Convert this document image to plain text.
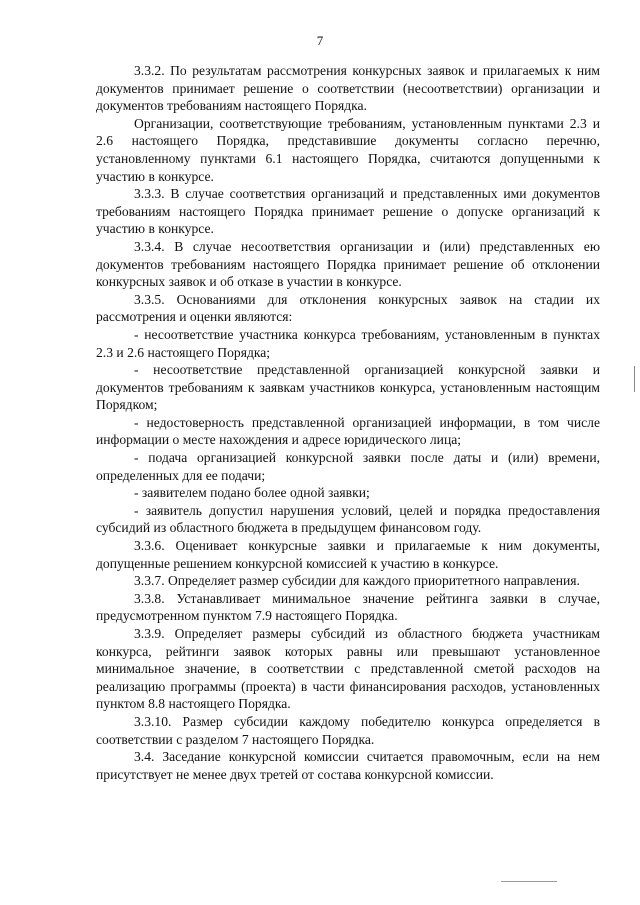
7

3.3.2. По результатам рассмотрения конкурсных заявок и прилагаемых к ним документов принимает решение о соответствии (несоответствии) организации и документов требованиям настоящего Порядка.

Организации, соответствующие требованиям, установленным пунктами 2.3 и 2.6 настоящего Порядка, представившие документы согласно перечню, установленному пунктами 6.1 настоящего Порядка, считаются допущенными к участию в конкурсе.

3.3.3. В случае соответствия организаций и представленных ими документов требованиям настоящего Порядка принимает решение о допуске организаций к участию в конкурсе.

3.3.4. В случае несоответствия организации и (или) представленных ею документов требованиям настоящего Порядка принимает решение об отклонении конкурсных заявок и об отказе в участии в конкурсе.

3.3.5. Основаниями для отклонения конкурсных заявок на стадии их рассмотрения и оценки являются:

- несоответствие участника конкурса требованиям, установленным в пунктах 2.3 и 2.6 настоящего Порядка;

- несоответствие представленной организацией конкурсной заявки и документов требованиям к заявкам участников конкурса, установленным настоящим Порядком;

- недостоверность представленной организацией информации, в том числе информации о месте нахождения и адресе юридического лица;

- подача организацией конкурсной заявки после даты и (или) времени, определенных для ее подачи;

- заявителем подано более одной заявки;

- заявитель допустил нарушения условий, целей и порядка предоставления субсидий из областного бюджета в предыдущем финансовом году.

3.3.6. Оценивает конкурсные заявки и прилагаемые к ним документы, допущенные решением конкурсной комиссией к участию в конкурсе.

3.3.7. Определяет размер субсидии для каждого приоритетного направления.

3.3.8. Устанавливает минимальное значение рейтинга заявки в случае, предусмотренном пунктом 7.9 настоящего Порядка.

3.3.9. Определяет размеры субсидий из областного бюджета участникам конкурса, рейтинги заявок которых равны или превышают установленное минимальное значение, в соответствии с представленной сметой расходов на реализацию программы (проекта) в части финансирования расходов, установленных пунктом 8.8 настоящего Порядка.

3.3.10. Размер субсидии каждому победителю конкурса определяется в соответствии с разделом 7 настоящего Порядка.

3.4. Заседание конкурсной комиссии считается правомочным, если на нем присутствует не менее двух третей от состава конкурсной комиссии.
